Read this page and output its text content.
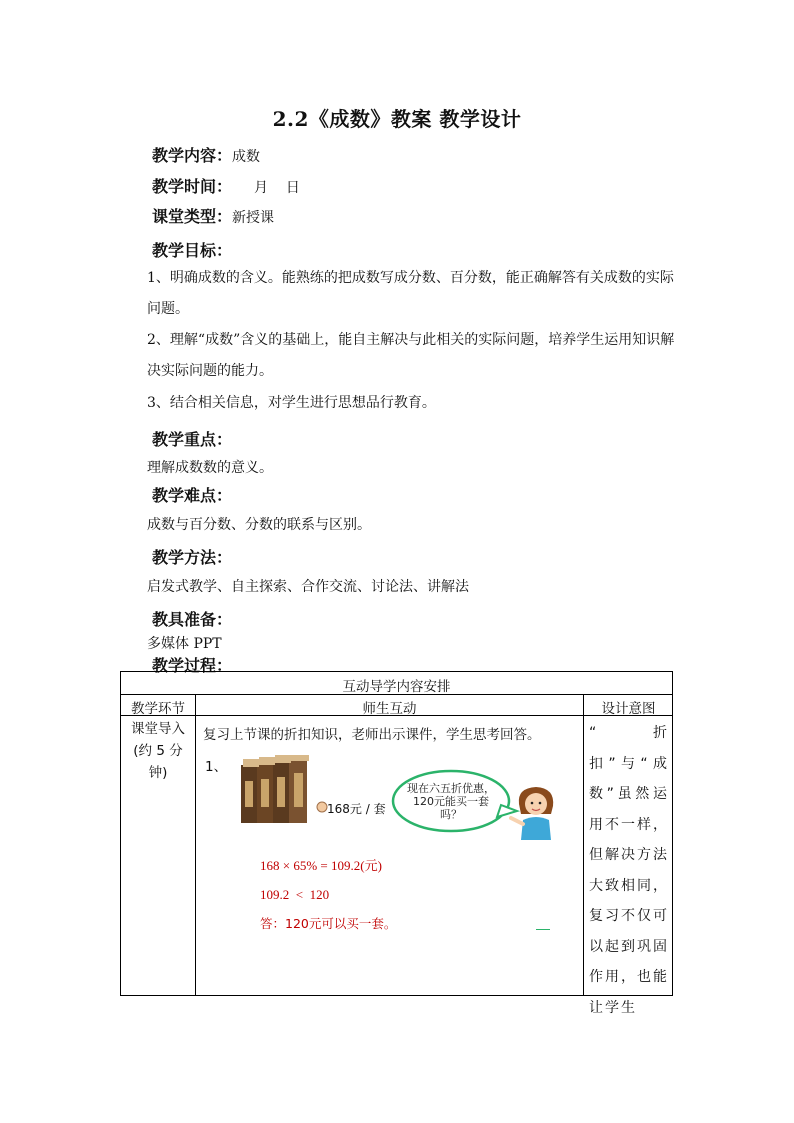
2.2《成数》教案 教学设计
教学内容：成数
教学时间： 月    日
课堂类型：新授课
教学目标：
1、明确成数的含义。能熟练的把成数写成分数、百分数，能正确解答有关成数的实际问题。
2、理解“成数”含义的基础上，能自主解决与此相关的实际问题，培养学生运用知识解决实际问题的能力。
3、结合相关信息，对学生进行思想品行教育。
教学重点：
理解成数数的意义。
教学难点：
成数与百分数、分数的联系与区别。
教学方法：
启发式教学、自主探索、合作交流、讨论法、讲解法
教具准备：
多媒体 PPT
教学过程：
互动导学内容安排
教学环节	师生互动	设计意图
课堂导入(约 5 分钟)
复习上节课的折扣知识，老师出示课件，学生思考回答。
1、
168元 / 套
现在六五折优惠，120元能买一套吗？
168 × 65% = 109.2(元)
109.2  <  120
答：120元可以买一套。
“折扣”与“成数”虽然运用不一样，但解决方法大致相同，复习不仅可以起到巩固作用，也能让学生
